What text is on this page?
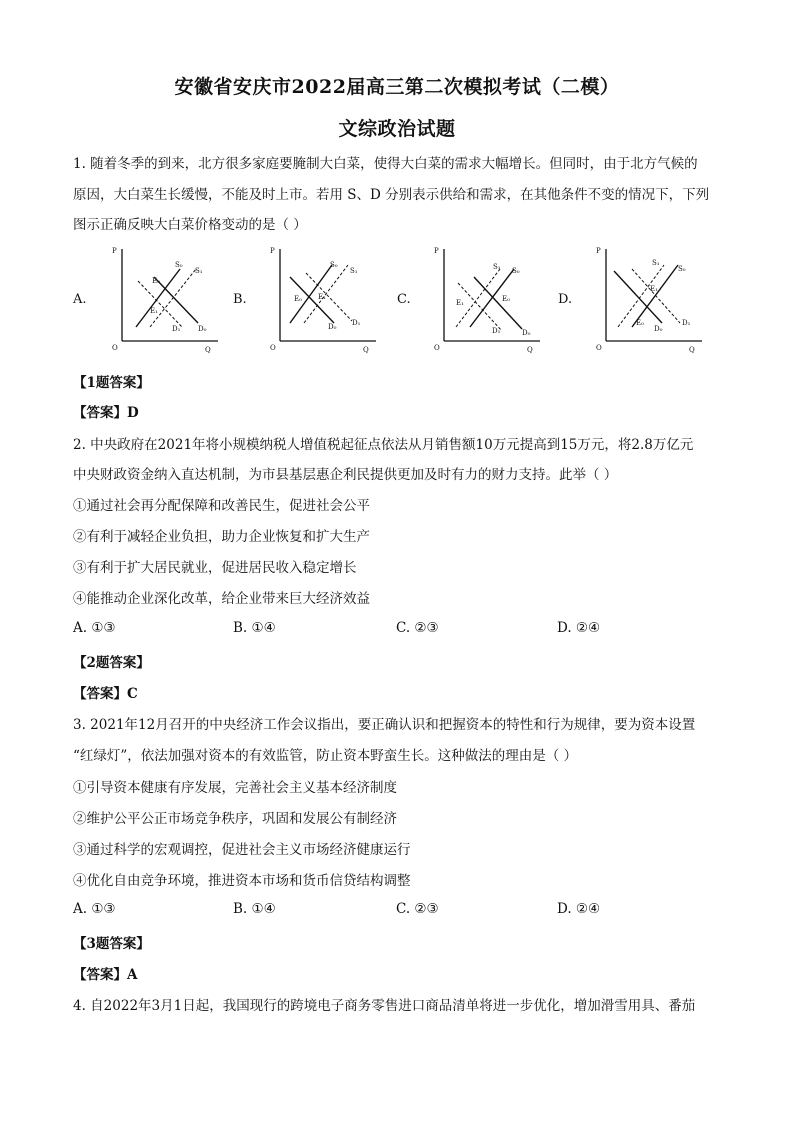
安徽省安庆市2022届高三第二次模拟考试（二模）
文综政治试题
1. 随着冬季的到来，北方很多家庭要腌制大白菜，使得大白菜的需求大幅增长。但同时，由于北方气候的
原因，大白菜生长缓慢，不能及时上市。若用 S、D 分别表示供给和需求，在其他条件不变的情况下，下列
图示正确反映大白菜价格变动的是（ ）
A.
P
Q
O
E₀
E₁
S₀
S₁
D₁	D₀
B.
P
Q
O
E₀ E₁
S₀
S₁
D₀ D₁
C.
P
Q
O
E₁	E₀
S₁ S₀
D₁	D₀
D.
P
Q
O
S₁
S₀
E₁
E₀
D₀
D₁
【1题答案】
【答案】D
2. 中央政府在2021年将小规模纳税人增值税起征点依法从月销售额10万元提高到15万元，将2.8万亿元
中央财政资金纳入直达机制，为市县基层惠企利民提供更加及时有力的财力支持。此举（ ）
①通过社会再分配保障和改善民生，促进社会公平
②有利于减轻企业负担，助力企业恢复和扩大生产
③有利于扩大居民就业，促进居民收入稳定增长
④能推动企业深化改革，给企业带来巨大经济效益
A. ①③	B. ①④	C. ②③	D. ②④
【2题答案】
【答案】C
3. 2021年12月召开的中央经济工作会议指出，要正确认识和把握资本的特性和行为规律，要为资本设置
“红绿灯”，依法加强对资本的有效监管，防止资本野蛮生长。这种做法的理由是（ ）
①引导资本健康有序发展，完善社会主义基本经济制度
②维护公平公正市场竞争秩序，巩固和发展公有制经济
③通过科学的宏观调控，促进社会主义市场经济健康运行
④优化自由竞争环境，推进资本市场和货币信贷结构调整
A. ①③	B. ①④	C. ②③	D. ②④
【3题答案】
【答案】A
4. 自2022年3月1日起，我国现行的跨境电子商务零售进口商品清单将进一步优化，增加滑雪用具、番茄
